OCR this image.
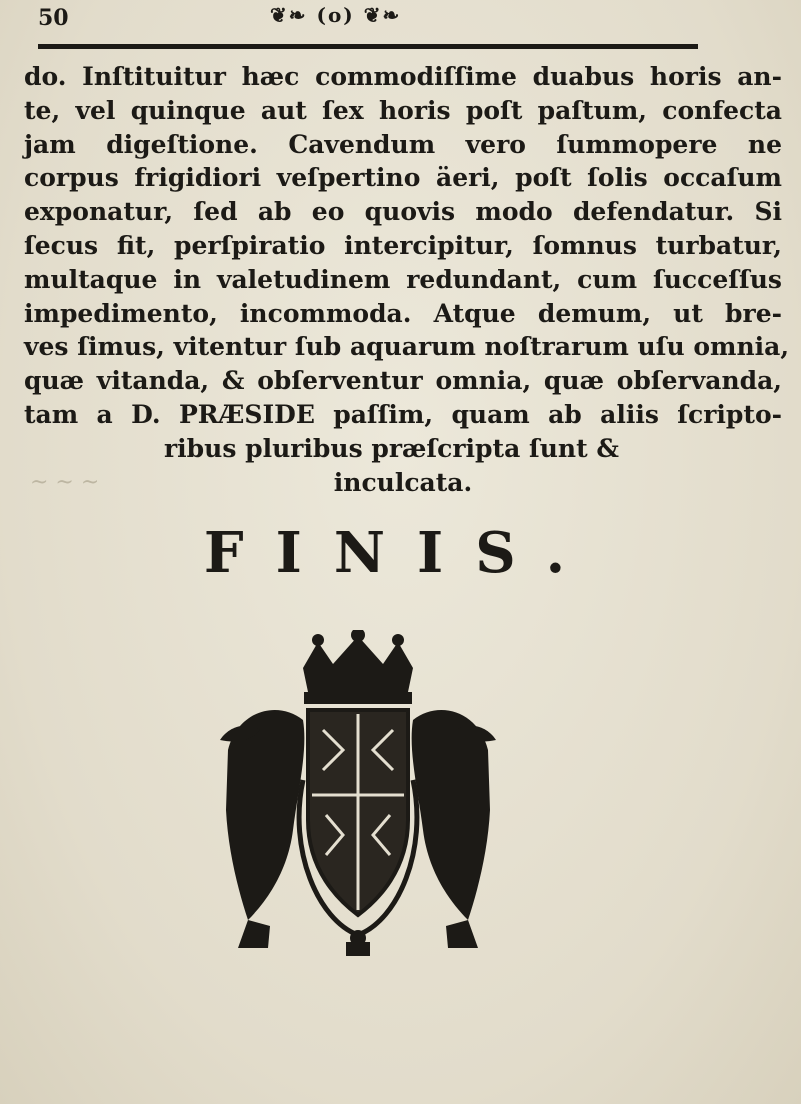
50	❦❧ (o) ❦❧
~ ~ ~
do. Inſtituitur hæc commodiſſime duabus horis an-
te, vel quinque aut ſex horis poſt paſtum, confecta
jam digeſtione. Cavendum vero ſummopere ne
corpus frigidiori veſpertino äeri, poſt ſolis occaſum
exponatur, ſed ab eo quovis modo defendatur. Si
ſecus fit, perſpiratio intercipitur, ſomnus turbatur,
multaque in valetudinem redundant, cum ſucceſſus
impedimento, incommoda. Atque demum, ut bre-
ves ſimus, vitentur ſub aquarum noſtrarum uſu omnia,
quæ vitanda, & obſerventur omnia, quæ obſervanda,
tam a D. PRÆSIDE paſſim, quam ab aliis ſcripto-
ribus pluribus præſcripta ſunt &
inculcata.
FINIS.
